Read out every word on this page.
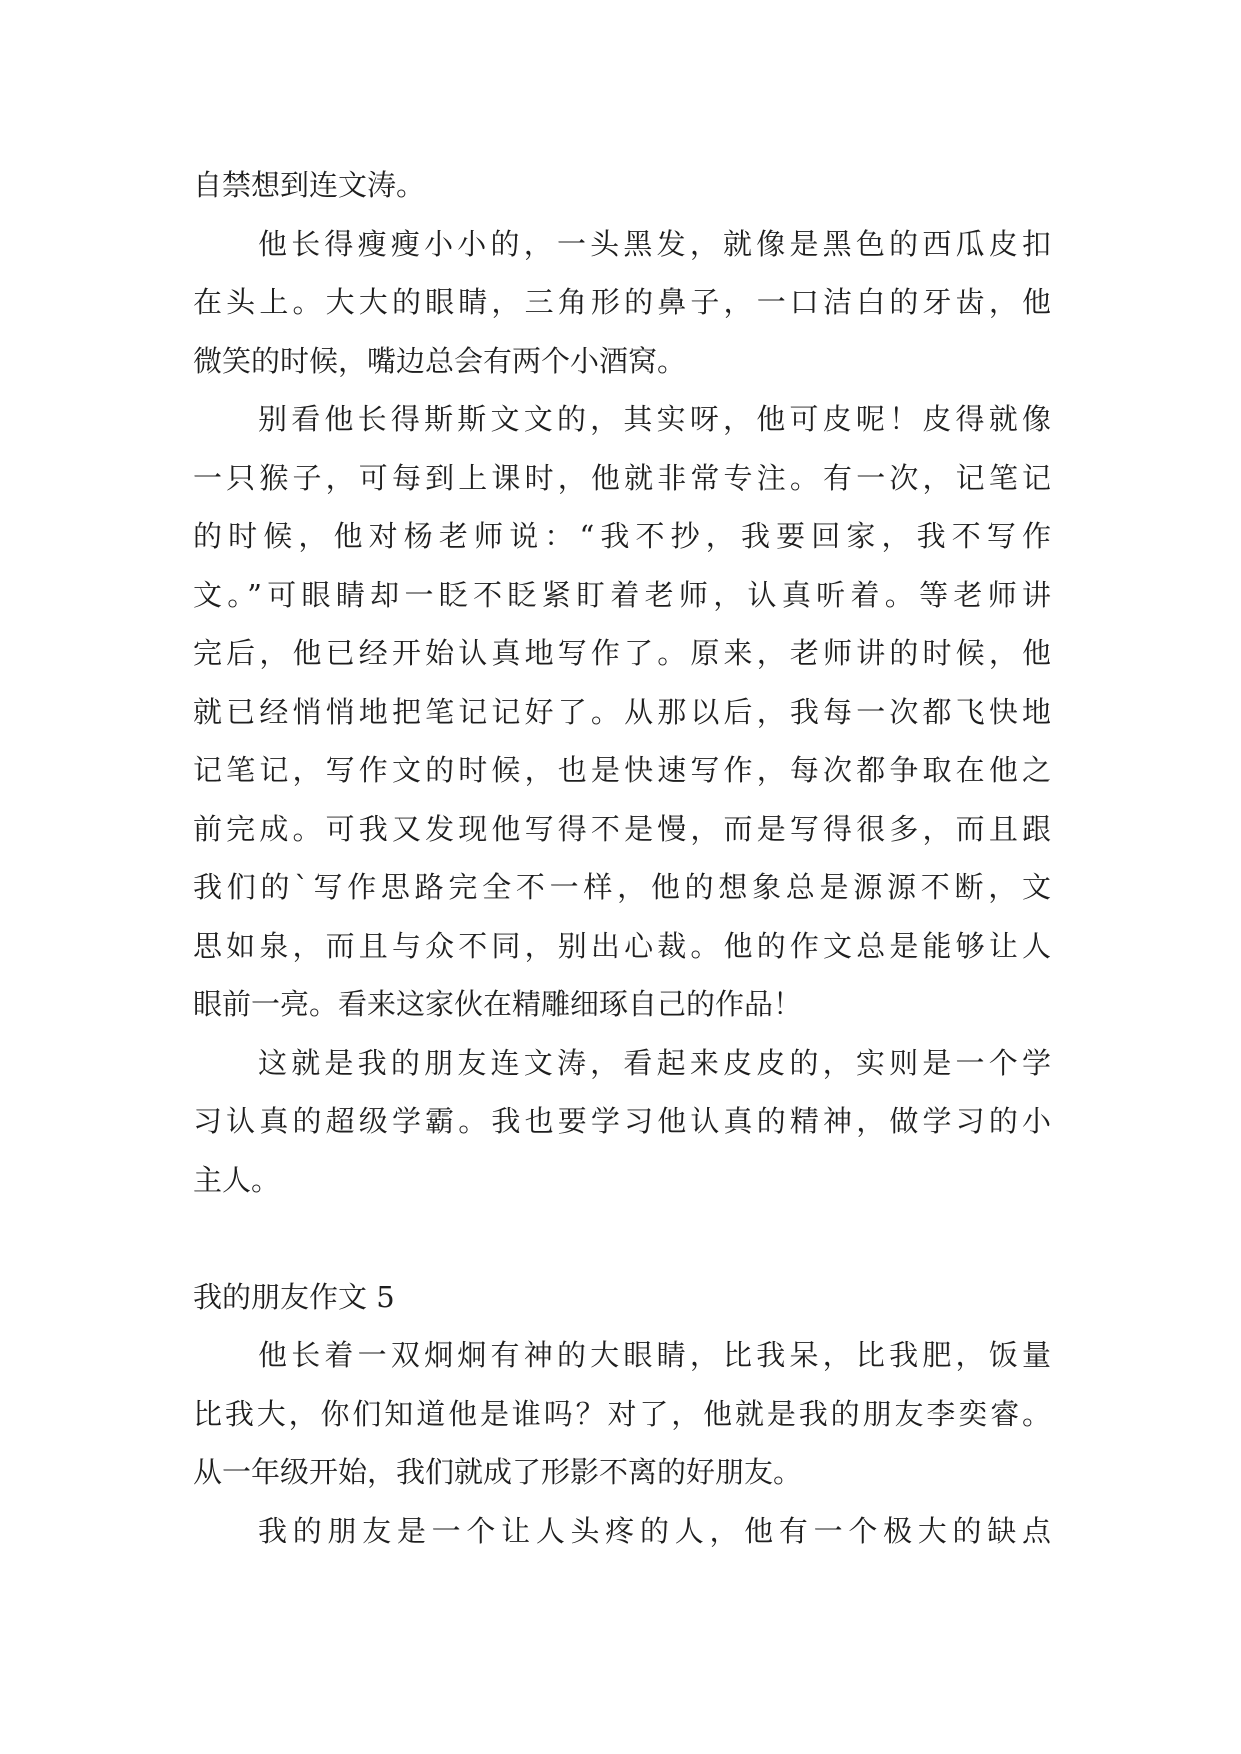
自禁想到连文涛。
他长得瘦瘦小小的，一头黑发，就像是黑色的西瓜皮扣
在头上。大大的眼睛，三角形的鼻子，一口洁白的牙齿，他
微笑的时候，嘴边总会有两个小酒窝。
别看他长得斯斯文文的，其实呀，他可皮呢！皮得就像
一只猴子，可每到上课时，他就非常专注。有一次，记笔记
的时候，他对杨老师说：“我不抄，我要回家，我不写作
文。”可眼睛却一眨不眨紧盯着老师，认真听着。等老师讲
完后，他已经开始认真地写作了。原来，老师讲的时候，他
就已经悄悄地把笔记记好了。从那以后，我每一次都飞快地
记笔记，写作文的时候，也是快速写作，每次都争取在他之
前完成。可我又发现他写得不是慢，而是写得很多，而且跟
我们的`写作思路完全不一样，他的想象总是源源不断，文
思如泉，而且与众不同，别出心裁。他的作文总是能够让人
眼前一亮。看来这家伙在精雕细琢自己的作品！
这就是我的朋友连文涛，看起来皮皮的，实则是一个学
习认真的超级学霸。我也要学习他认真的精神，做学习的小
主人。
我的朋友作文 5
他长着一双炯炯有神的大眼睛，比我呆，比我肥，饭量
比我大，你们知道他是谁吗？对了，他就是我的朋友李奕睿。
从一年级开始，我们就成了形影不离的好朋友。
我的朋友是一个让人头疼的人，他有一个极大的缺点
